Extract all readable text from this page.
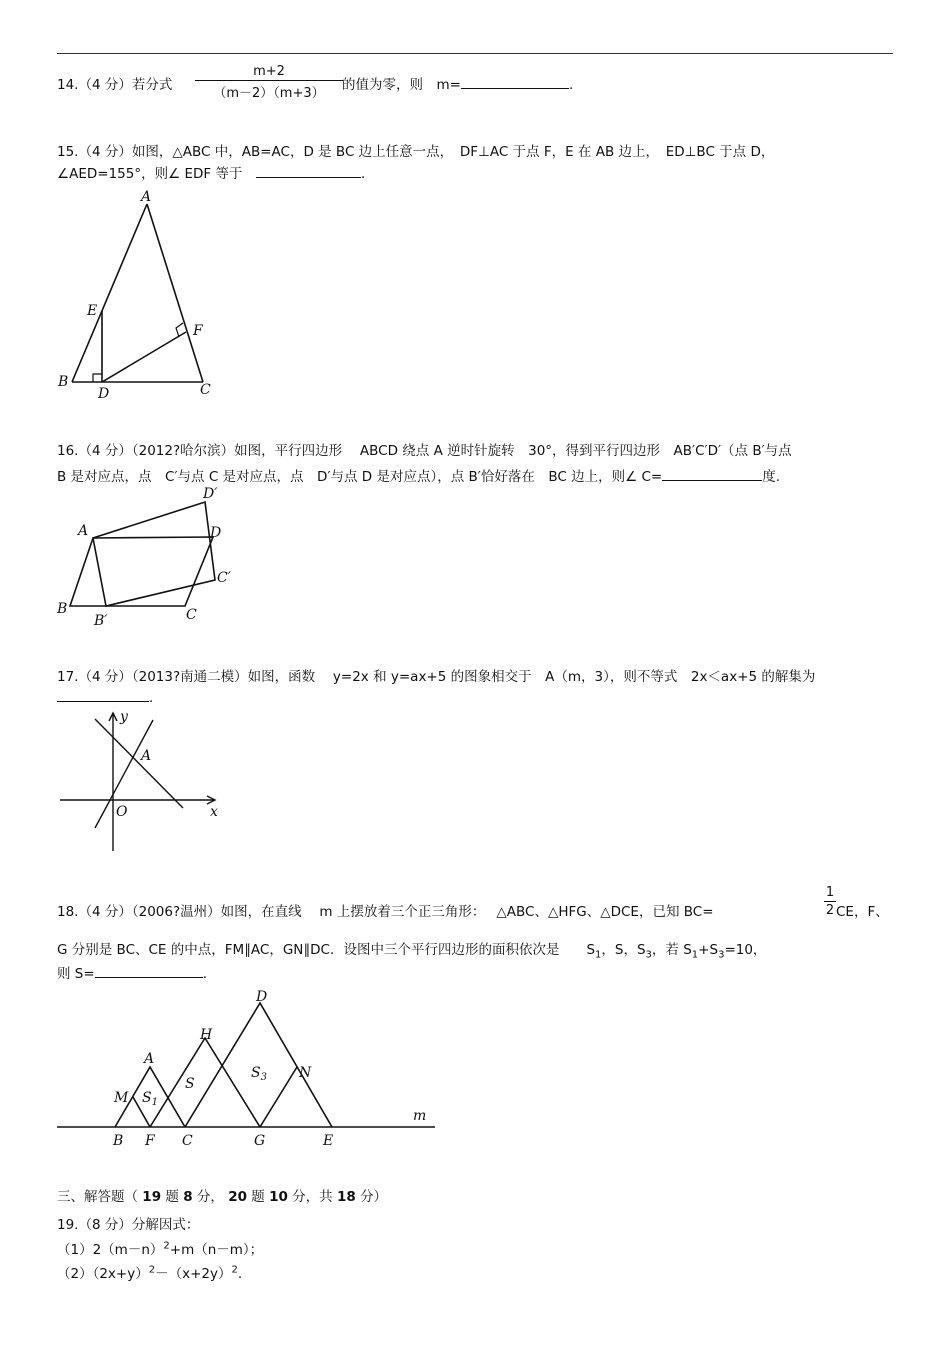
14.（4 分）若分式
m+2
（m－2）（m+3）
的值为零，则　m=	.
15.（4 分）如图，△ABC 中，AB=AC，D 是 BC 边上任意一点，　DF⊥AC 于点 F，E 在 AB 边上，　ED⊥BC 于点 D，
∠AED=155°，则∠ EDF 等于　	．
A
B	C
D
E
F
16.（4 分）（2012?哈尔滨）如图，平行四边形　 ABCD 绕点 A 逆时针旋转　30°，得到平行四边形　AB′C′D′（点 B′与点
B 是对应点，点　C′与点 C 是对应点，点　D′与点 D 是对应点），点 B′恰好落在　BC 边上，则∠ C=	度.
A
B	C
D
B′
C′
D′
17.（4 分）（2013?南通二模）如图，函数　 y=2x 和 y=ax+5 的图象相交于　A（m，3），则不等式　2x＜ax+5 的解集为
.
y
x
O
A
18.（4 分）（2006?温州）如图，在直线　 m 上摆放着三个正三角形：　 △ABC、△HFG、△DCE，已知 BC=
1
2 CE，F、
G 分别是 BC、CE 的中点，FM∥AC，GN∥DC．设图中三个平行四边形的面积依次是　　$S_1$，S，$S_3$，若 $S_1+S_3=10$，
则 S=	.
A
B F C	G	E
H
D
M
N
m
S
$S_1$
$S_3$
三、解答题（ 19 题 8 分， 20 题 10 分，共 18 分）
19.（8 分）分解因式：
$(1)2(m-n)^2+m(n-m)$；
$(2)(2x+y)^2-(x+2y)^2$.
